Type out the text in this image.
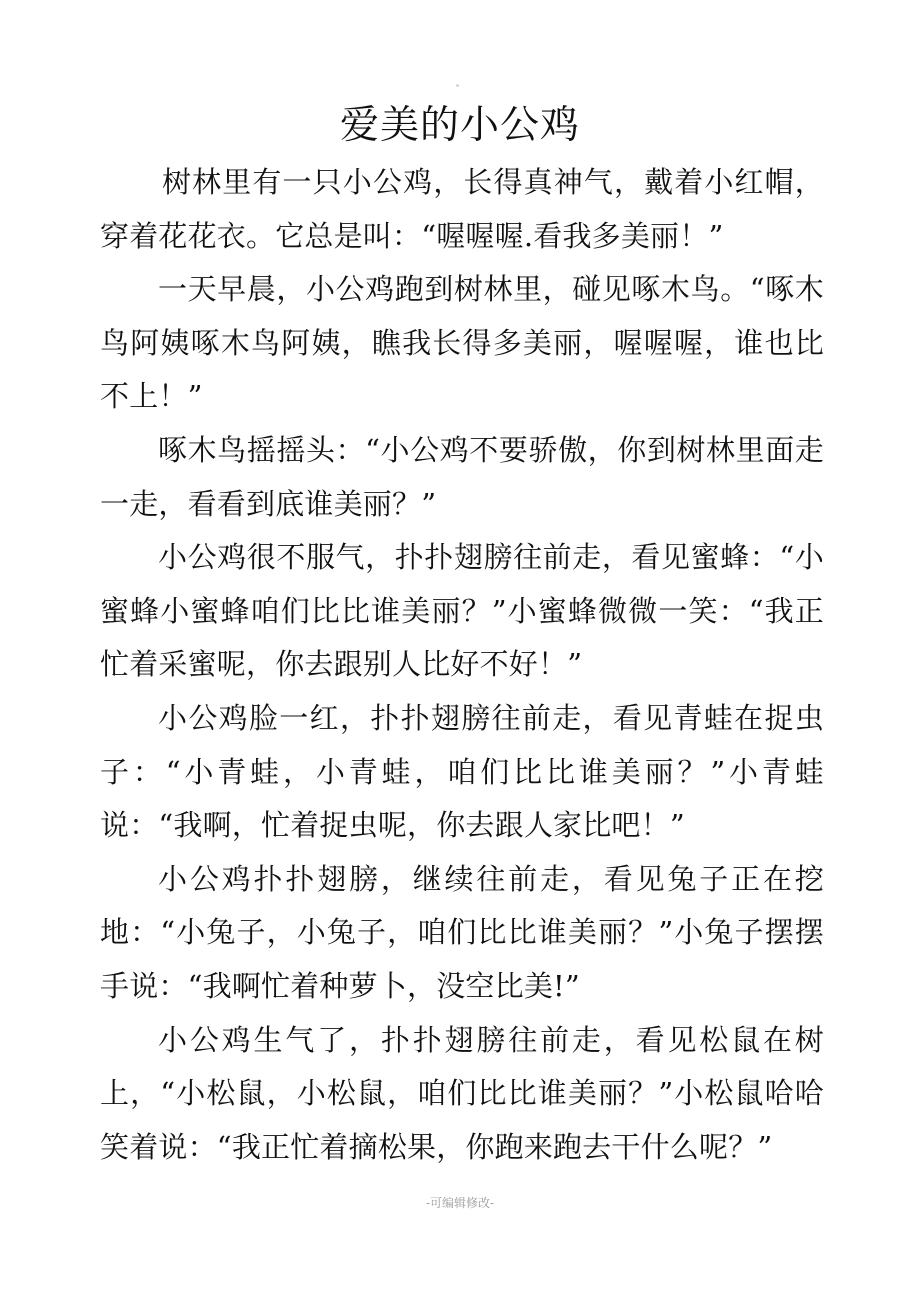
爱美的小公鸡

树林里有一只小公鸡，长得真神气，戴着小红帽，穿着花花衣。它总是叫：“喔喔喔.看我多美丽！”

一天早晨，小公鸡跑到树林里，碰见啄木鸟。“啄木鸟阿姨啄木鸟阿姨，瞧我长得多美丽，喔喔喔，谁也比不上！”

啄木鸟摇摇头：“小公鸡不要骄傲，你到树林里面走一走，看看到底谁美丽？”

小公鸡很不服气，扑扑翅膀往前走，看见蜜蜂：“小蜜蜂小蜜蜂咱们比比谁美丽？”小蜜蜂微微一笑：“我正忙着采蜜呢，你去跟别人比好不好！”

小公鸡脸一红，扑扑翅膀往前走，看见青蛙在捉虫子：“小青蛙，小青蛙，咱们比比谁美丽？”小青蛙说：“我啊，忙着捉虫呢，你去跟人家比吧！”

小公鸡扑扑翅膀，继续往前走，看见兔子正在挖地：“小兔子，小兔子，咱们比比谁美丽？”小兔子摆摆手说：“我啊忙着种萝卜，没空比美!”

小公鸡生气了，扑扑翅膀往前走，看见松鼠在树上，“小松鼠，小松鼠，咱们比比谁美丽？”小松鼠哈哈笑着说：“我正忙着摘松果，你跑来跑去干什么呢？”

-可编辑修改-
